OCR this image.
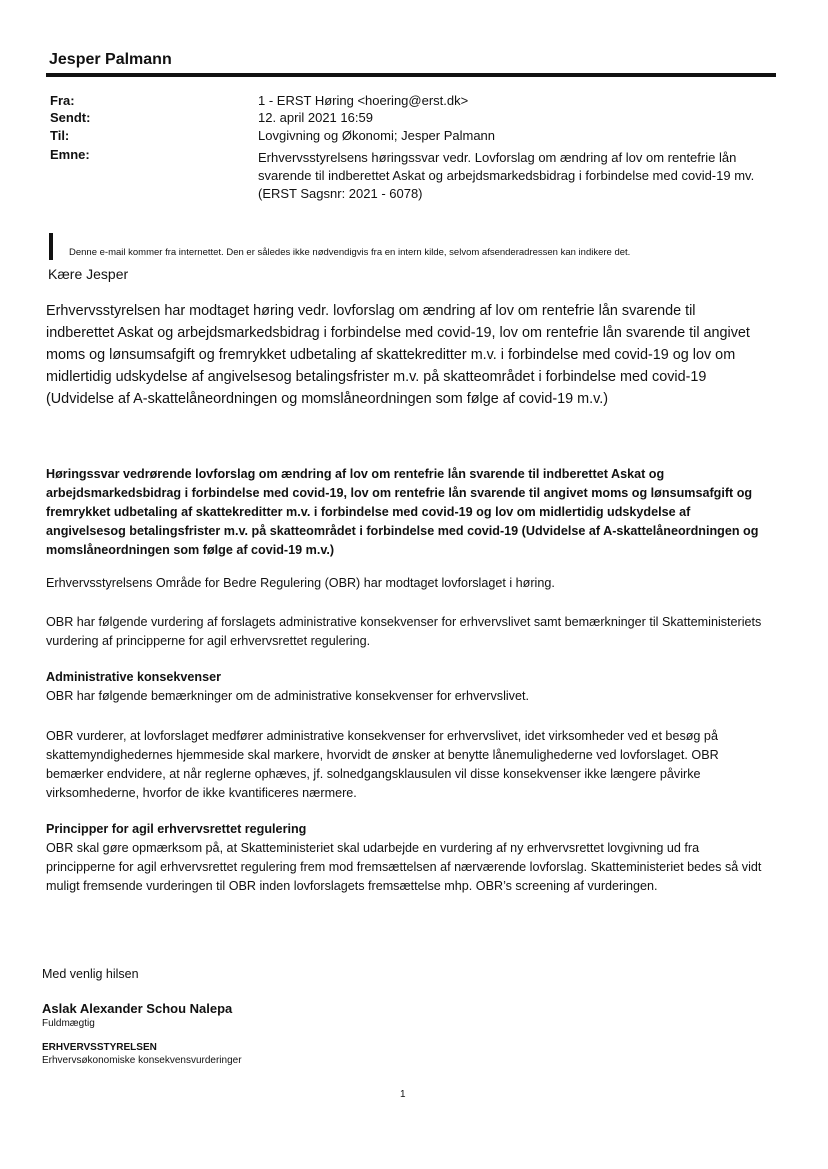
Jesper Palmann
Fra:	1 - ERST Høring <hoering@erst.dk>
Sendt:	12. april 2021 16:59
Til:	Lovgivning og Økonomi; Jesper Palmann
Emne:	Erhvervsstyrelsens høringssvar vedr. Lovforslag om ændring af lov om rentefrie lån svarende til indberettet Askat og arbejdsmarkedsbidrag i forbindelse med covid-19 mv.(ERST Sagsnr: 2021 - 6078)
Denne e-mail kommer fra internettet. Den er således ikke nødvendigvis fra en intern kilde, selvom afsenderadressen kan indikere det.
Kære Jesper
Erhvervsstyrelsen har modtaget høring vedr. lovforslag om ændring af lov om rentefrie lån svarende til indberettet Askat og arbejdsmarkedsbidrag i forbindelse med covid-19, lov om rentefrie lån svarende til angivet moms og lønsumsafgift og fremrykket udbetaling af skattekreditter m.v. i forbindelse med covid-19 og lov om midlertidig udskydelse af angivelsesog betalingsfrister m.v. på skatteområdet i forbindelse med covid-19 (Udvidelse af A-skattelåneordningen og momslåneordningen som følge af covid-19 m.v.)
Høringssvar vedrørende lovforslag om ændring af lov om rentefrie lån svarende til indberettet Askat og arbejdsmarkedsbidrag i forbindelse med covid-19, lov om rentefrie lån svarende til angivet moms og lønsumsafgift og fremrykket udbetaling af skattekreditter m.v. i forbindelse med covid-19 og lov om midlertidig udskydelse af angivelsesog betalingsfrister m.v. på skatteområdet i forbindelse med covid-19 (Udvidelse af A-skattelåneordningen og momslåneordningen som følge af covid-19 m.v.)
Erhvervsstyrelsens Område for Bedre Regulering (OBR) har modtaget lovforslaget i høring.
OBR har følgende vurdering af forslagets administrative konsekvenser for erhvervslivet samt bemærkninger til Skatteministeriets vurdering af principperne for agil erhvervsrettet regulering.
Administrative konsekvenser
OBR har følgende bemærkninger om de administrative konsekvenser for erhvervslivet.
OBR vurderer, at lovforslaget medfører administrative konsekvenser for erhvervslivet, idet virksomheder ved et besøg på skattemyndighedernes hjemmeside skal markere, hvorvidt de ønsker at benytte lånemulighederne ved lovforslaget. OBR bemærker endvidere, at når reglerne ophæves, jf. solnedgangsklausulen vil disse konsekvenser ikke længere påvirke virksomhederne, hvorfor de ikke kvantificeres nærmere.
Principper for agil erhvervsrettet regulering
OBR skal gøre opmærksom på, at Skatteministeriet skal udarbejde en vurdering af ny erhvervsrettet lovgivning ud fra principperne for agil erhvervsrettet regulering frem mod fremsættelsen af nærværende lovforslag. Skatteministeriet bedes så vidt muligt fremsende vurderingen til OBR inden lovforslagets fremsættelse mhp. OBR’s screening af vurderingen.
Med venlig hilsen
Aslak Alexander Schou Nalepa
Fuldmægtig
ERHVERVSSTYRELSEN
Erhvervsøkonomiske konsekvensvurderinger
1
